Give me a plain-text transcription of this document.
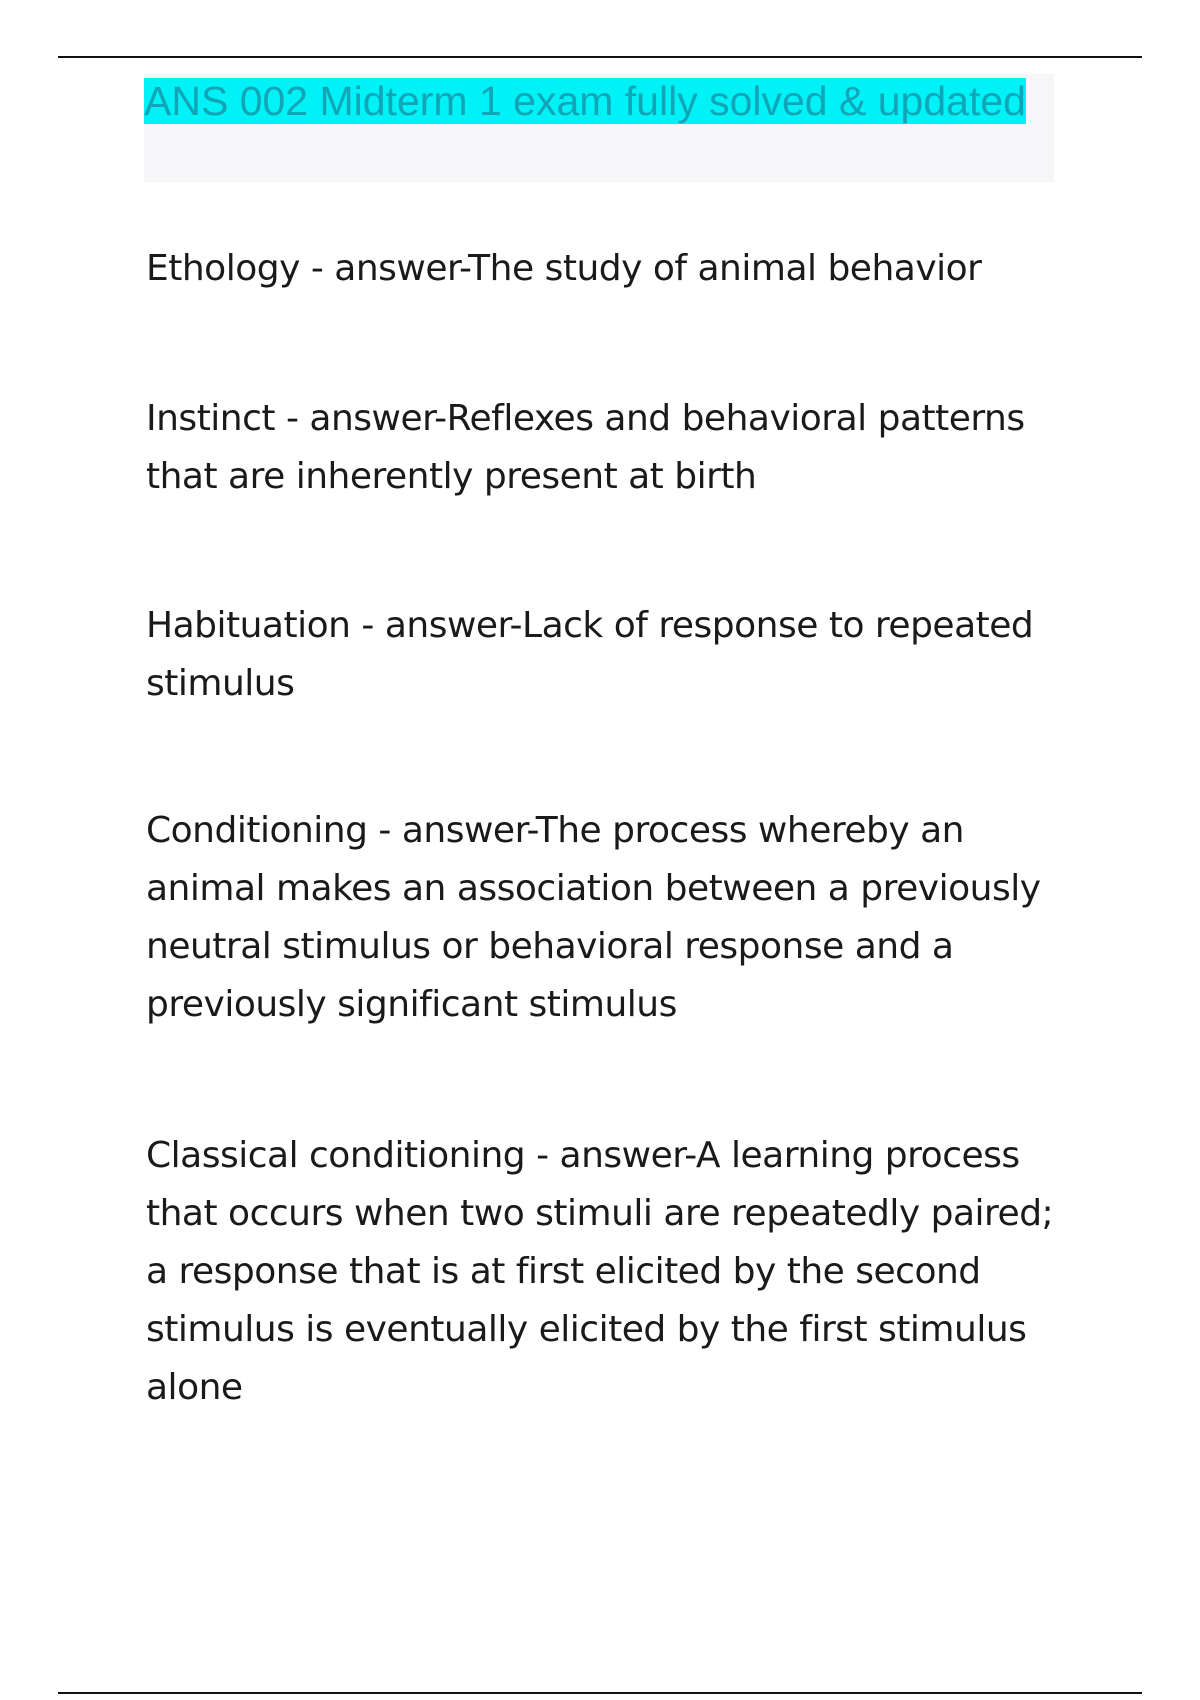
ANS 002 Midterm 1 exam fully solved & updated

Ethology - answer-The study of animal behavior

Instinct - answer-Reflexes and behavioral patterns that are inherently present at birth

Habituation - answer-Lack of response to repeated stimulus

Conditioning - answer-The process whereby an animal makes an association between a previously neutral stimulus or behavioral response and a previously significant stimulus

Classical conditioning - answer-A learning process that occurs when two stimuli are repeatedly paired; a response that is at first elicited by the second stimulus is eventually elicited by the first stimulus alone
